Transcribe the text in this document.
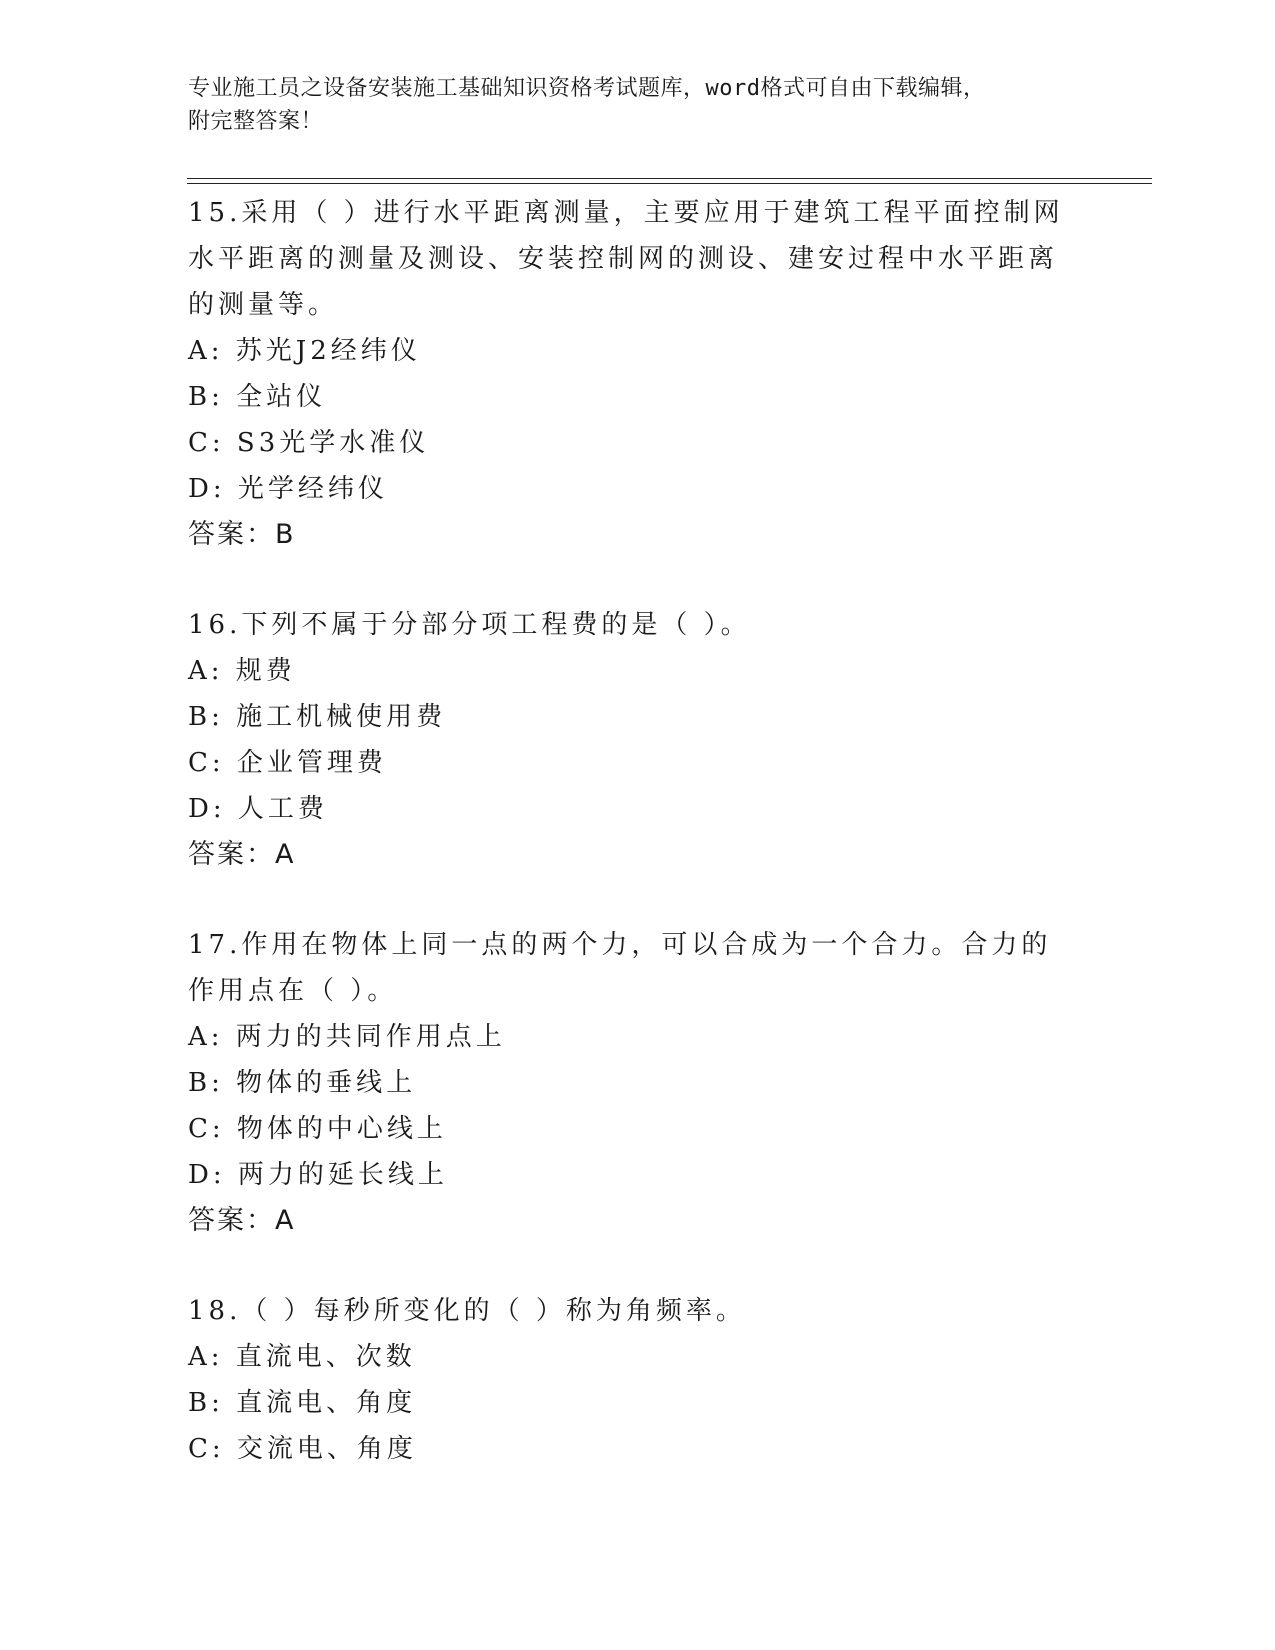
专业施工员之设备安装施工基础知识资格考试题库，word格式可自由下载编辑，
附完整答案！
15.采用（ ）进行水平距离测量，主要应用于建筑工程平面控制网水平距离的测量及测设、安装控制网的测设、建安过程中水平距离的测量等。
A: 苏光J2经纬仪
B: 全站仪
C: S3光学水准仪
D: 光学经纬仪
答案：B
16.下列不属于分部分项工程费的是（ ）。
A: 规费
B: 施工机械使用费
C: 企业管理费
D: 人工费
答案：A
17.作用在物体上同一点的两个力，可以合成为一个合力。合力的作用点在（ ）。
A: 两力的共同作用点上
B: 物体的垂线上
C: 物体的中心线上
D: 两力的延长线上
答案：A
18.（ ）每秒所变化的（ ）称为角频率。
A: 直流电、次数
B: 直流电、角度
C: 交流电、角度
